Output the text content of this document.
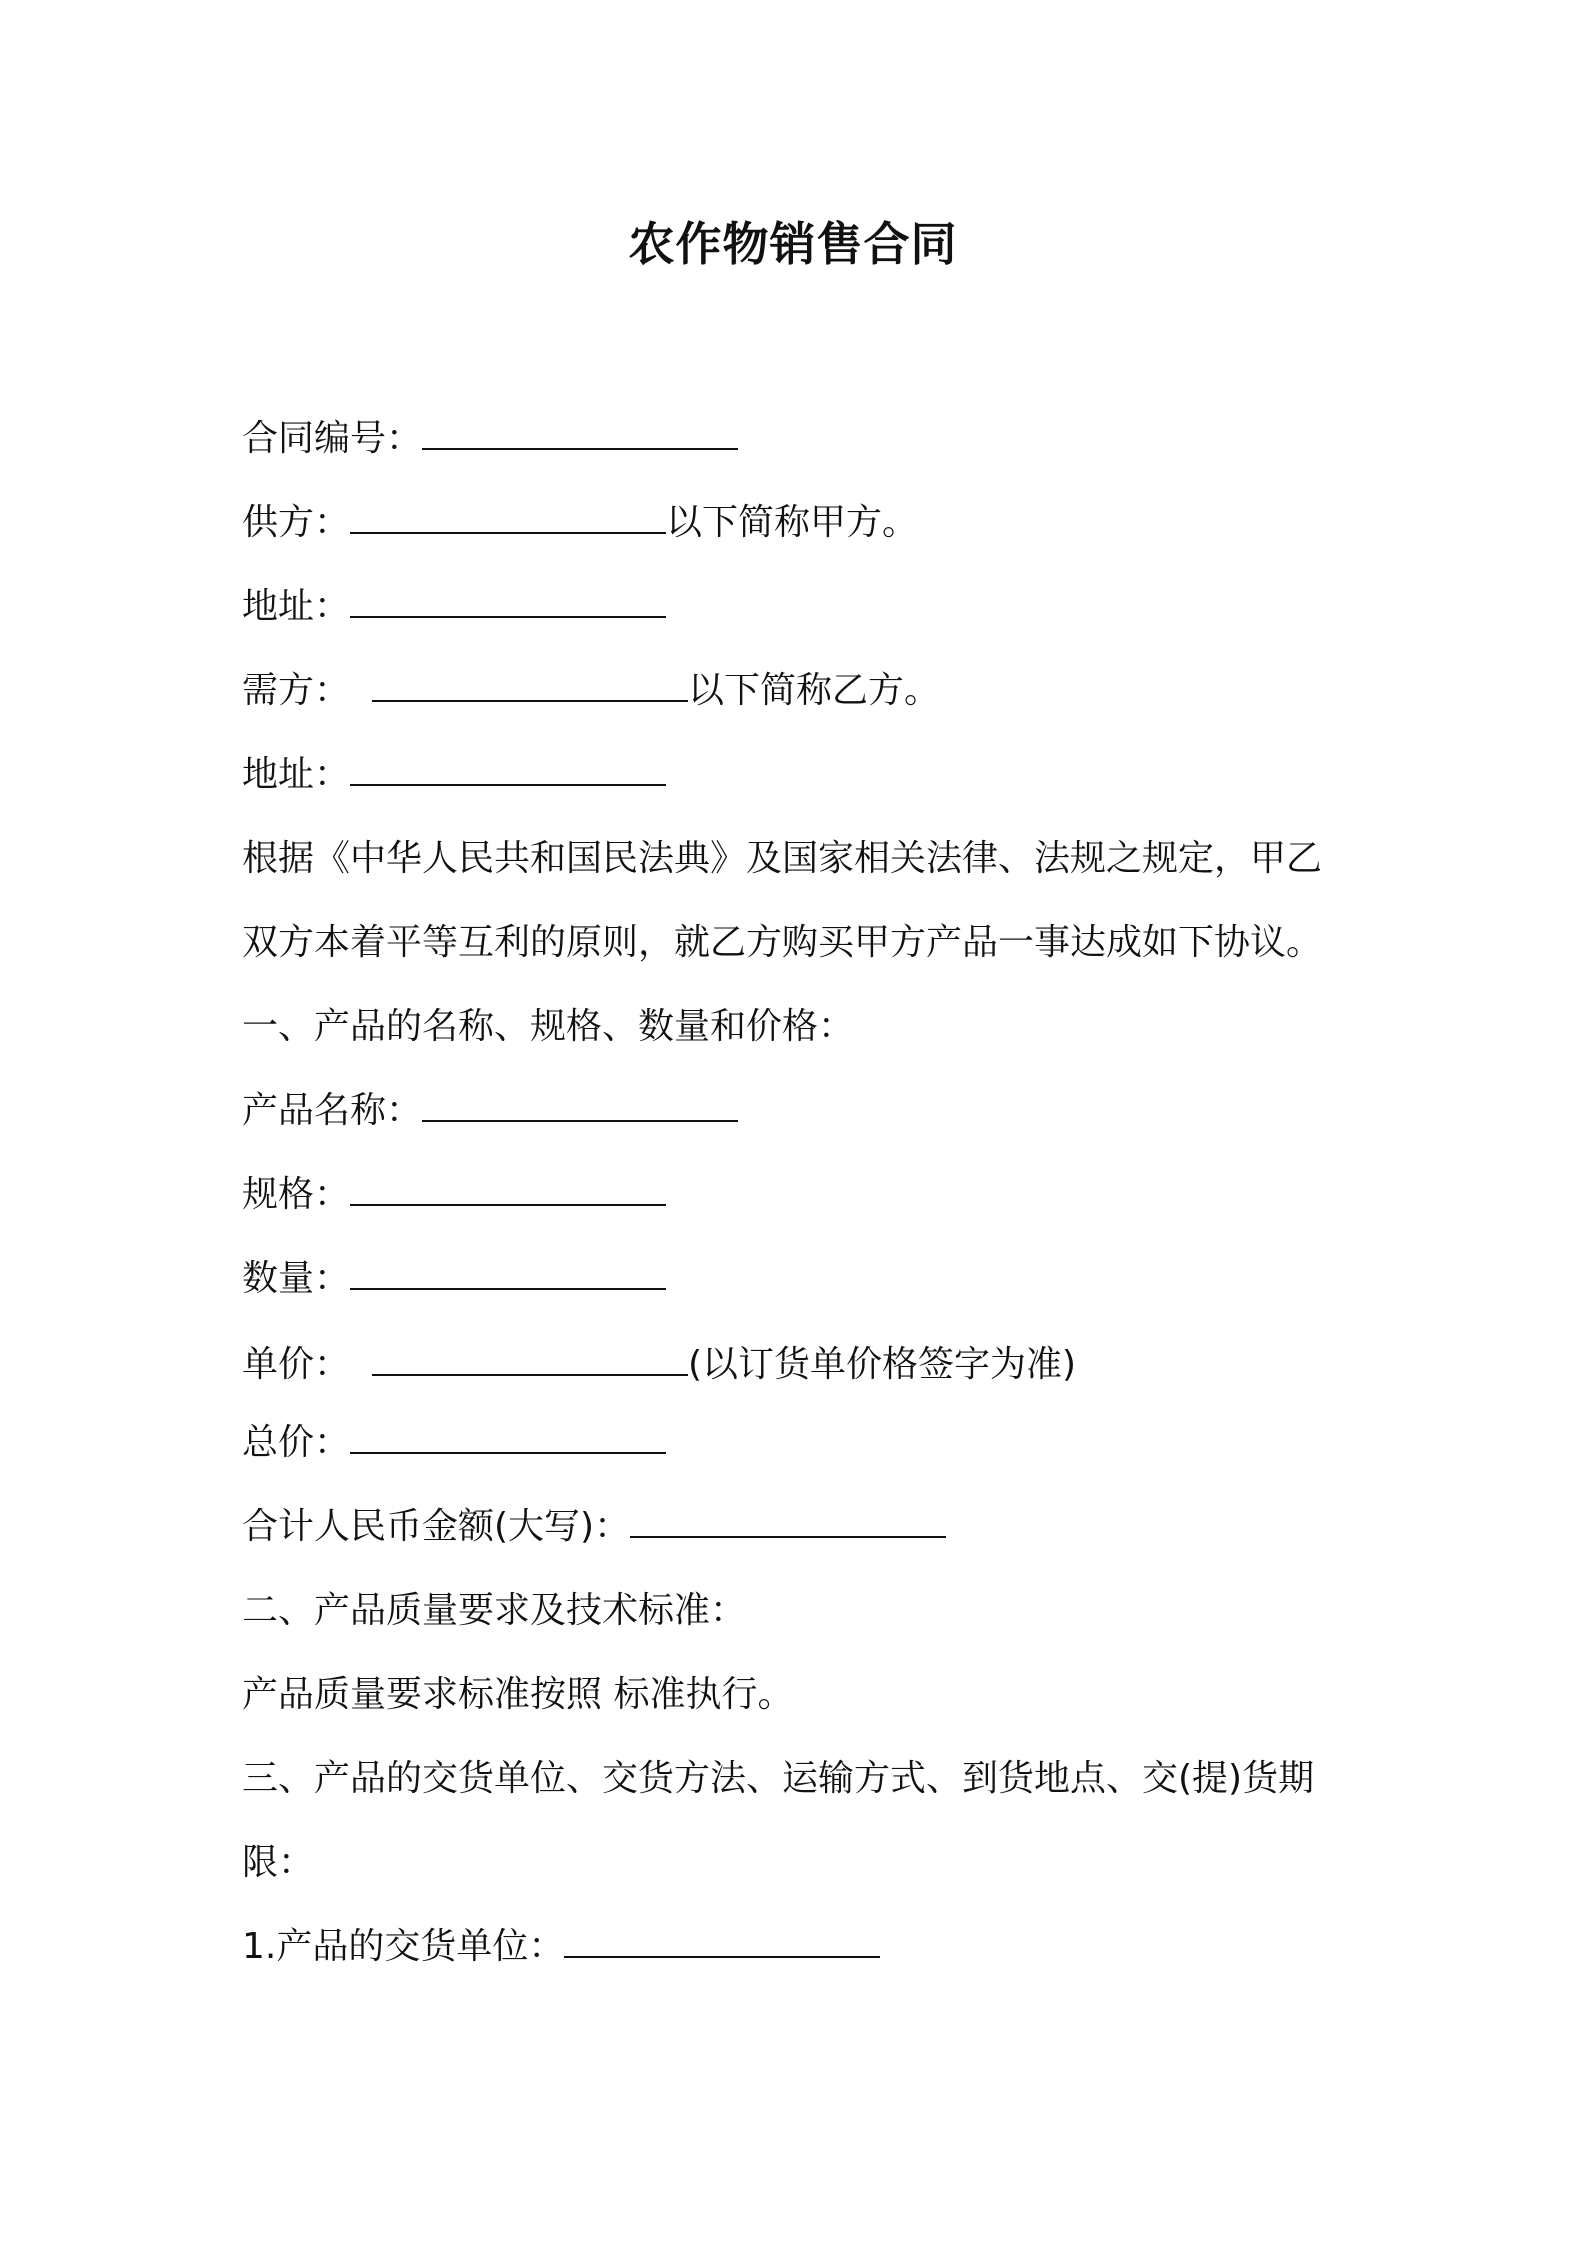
农作物销售合同
合同编号：
供方：	以下简称甲方。
地址：
需方：	以下简称乙方。
地址：
根据《中华人民共和国民法典》及国家相关法律、法规之规定，甲乙
双方本着平等互利的原则，就乙方购买甲方产品一事达成如下协议。
一、产品的名称、规格、数量和价格：
产品名称：
规格：
数量：
单价：	(以订货单价格签字为准)
总价：
合计人民币金额(大写)：
二、产品质量要求及技术标准：
产品质量要求标准按照 标准执行。
三、产品的交货单位、交货方法、运输方式、到货地点、交(提)货期
限：
1.产品的交货单位：
